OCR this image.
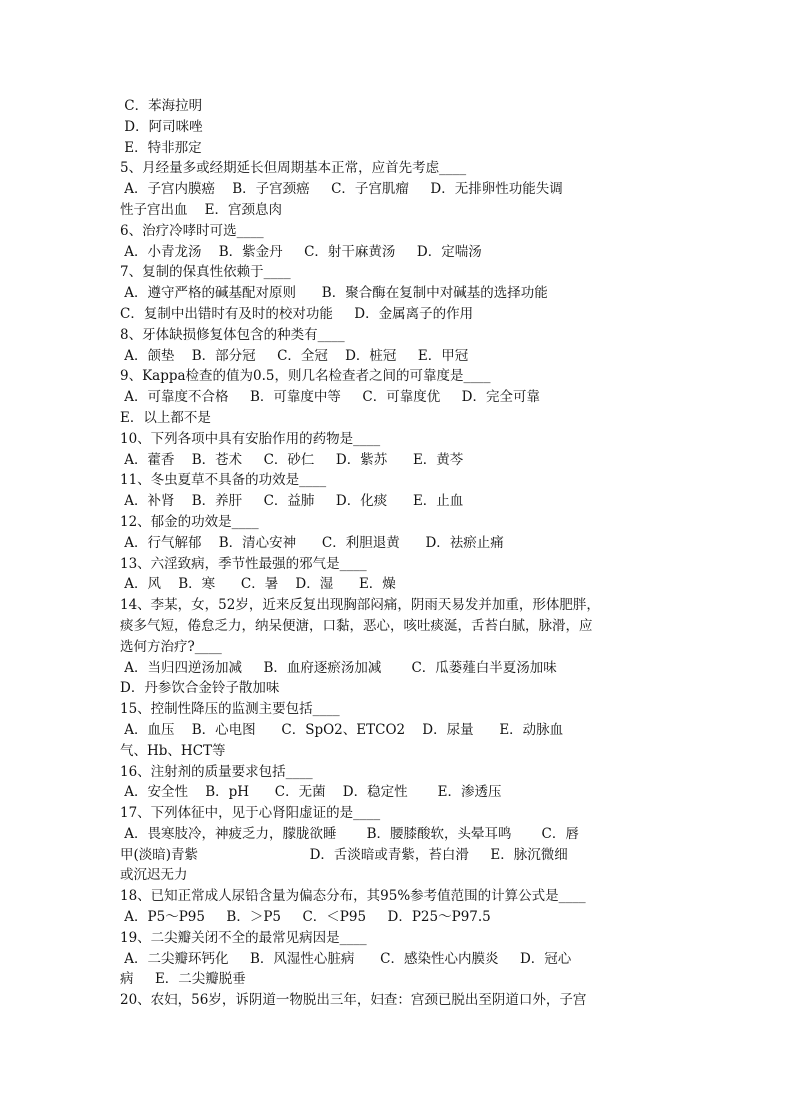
C．苯海拉明
D．阿司咪唑
E．特非那定
5、月经量多或经期延长但周期基本正常，应首先考虑____
A．子宫内膜癌    B．子宫颈癌     C．子宫肌瘤     D．无排卵性功能失调
性子宫出血    E．宫颈息肉
6、治疗冷哮时可选____
A．小青龙汤    B．紫金丹     C．射干麻黄汤     D．定喘汤
7、复制的保真性依赖于____
A．遵守严格的碱基配对原则      B．聚合酶在复制中对碱基的选择功能
C．复制中出错时有及时的校对功能     D．金属离子的作用
8、牙体缺损修复体包含的种类有____
A．颌垫    B．部分冠     C．全冠    D．桩冠     E．甲冠
9、Kappa检查的值为0.5，则几名检查者之间的可靠度是____
A．可靠度不合格     B．可靠度中等     C．可靠度优     D．完全可靠
E．以上都不是
10、下列各项中具有安胎作用的药物是____
A．藿香    B．苍术     C．砂仁     D．紫苏      E．黄芩
11、冬虫夏草不具备的功效是____
A．补肾    B．养肝     C．益肺     D．化痰      E．止血
12、郁金的功效是____
A．行气解郁    B．清心安神      C．利胆退黄      D．祛瘀止痛
13、六淫致病，季节性最强的邪气是____
A．风    B．寒      C．暑    D．湿      E．燥
14、李某，女，52岁，近来反复出现胸部闷痛，阴雨天易发并加重，形体肥胖，
痰多气短，倦怠乏力，纳呆便溏，口黏，恶心，咳吐痰涎，舌苔白腻，脉滑，应
选何方治疗?____
A．当归四逆汤加减     B．血府逐瘀汤加减       C．瓜蒌薤白半夏汤加味
D．丹参饮合金铃子散加味
15、控制性降压的监测主要包括____
A．血压    B．心电图      C．SpO2、ETCO2    D．尿量      E．动脉血
气、Hb、HCT等
16、注射剂的质量要求包括____
A．安全性    B．pH      C．无菌    D．稳定性       E．渗透压
17、下列体征中，见于心肾阳虚证的是____
A．畏寒肢冷，神疲乏力，朦胧欲睡       B．腰膝酸软，头晕耳鸣       C．唇
甲(淡暗)青紫                          D．舌淡暗或青紫，苔白滑     E．脉沉微细
或沉迟无力
18、已知正常成人尿铅含量为偏态分布，其95%参考值范围的计算公式是____
A．P5～P95     B．＞P5     C．＜P95     D．P25～P97.5
19、二尖瓣关闭不全的最常见病因是____
A．二尖瓣环钙化     B．风湿性心脏病      C．感染性心内膜炎     D．冠心
病     E．二尖瓣脱垂
20、农妇，56岁，诉阴道一物脱出三年，妇查：宫颈已脱出至阴道口外，子宫
